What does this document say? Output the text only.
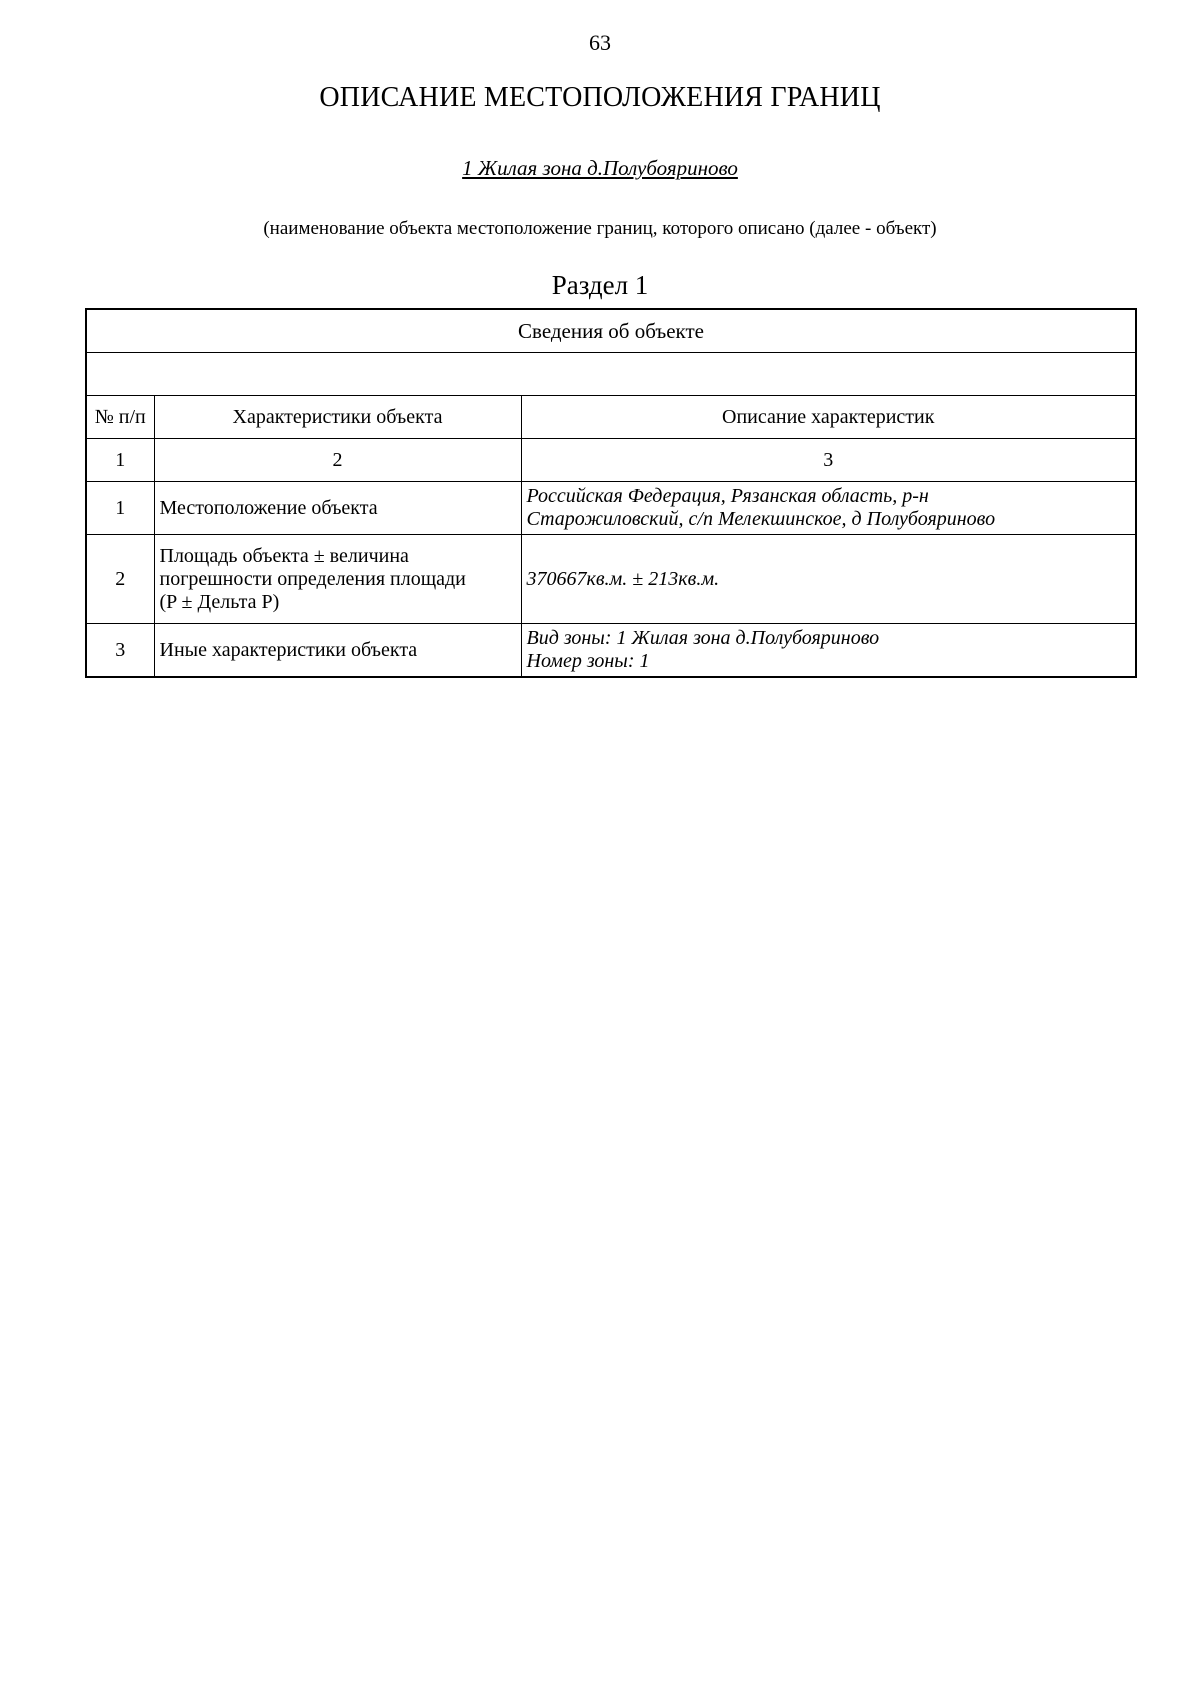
63
ОПИСАНИЕ МЕСТОПОЛОЖЕНИЯ ГРАНИЦ
1 Жилая зона д.Полубояриново
(наименование объекта местоположение границ, которого описано (далее - объект)
Раздел 1
Сведения об объекте		

№ п/п	Характеристики объекта	Описание характеристик
1	2	3
1	Местоположение объекта	Российская Федерация, Рязанская область, р-н
Старожиловский, с/п Мелекшинское, д Полубояриново

2	Площадь объекта ± величина
погрешности определения площади
(P ± Дельта P)	370667кв.м. ± 213кв.м.

3	Иные характеристики объекта	Вид зоны: 1 Жилая зона д.Полубояриново
Номер зоны: 1
